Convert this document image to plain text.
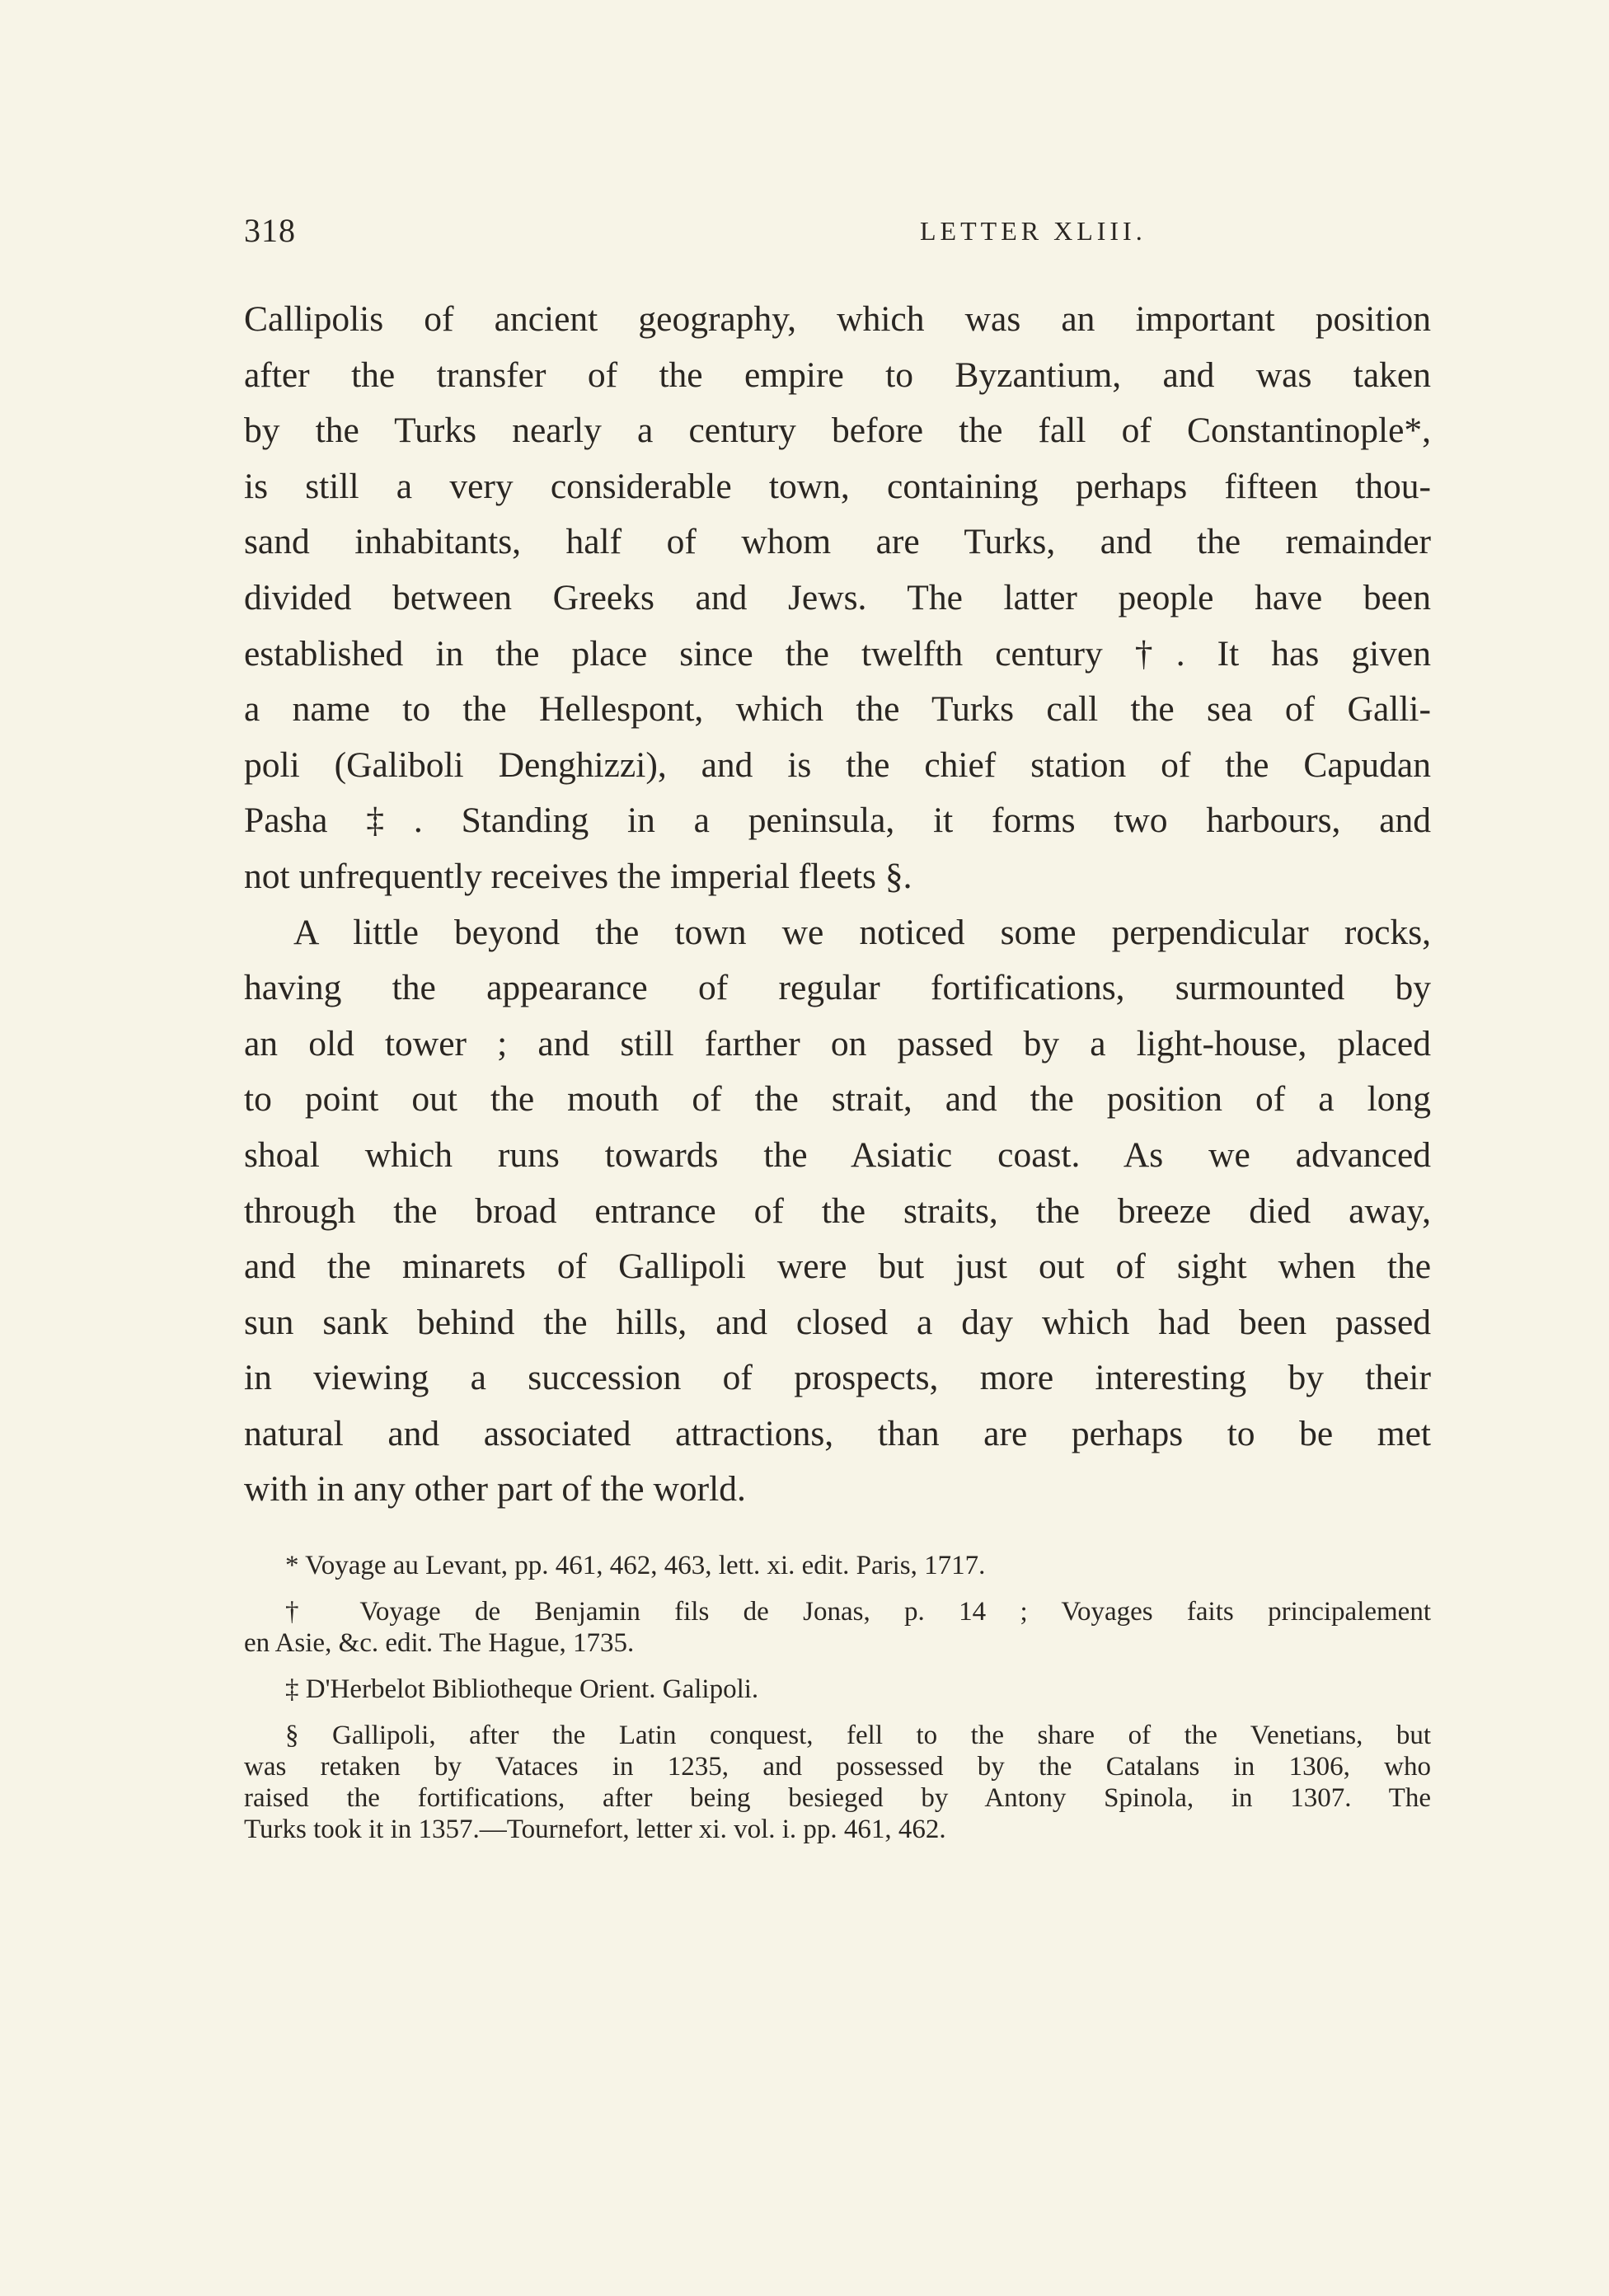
318	LETTER XLIII.
Callipolis of ancient geography, which was an important position
after the transfer of the empire to Byzantium, and was taken
by the Turks nearly a century before the fall of Constantinople*,
is still a very considerable town, containing perhaps fifteen thou-
sand inhabitants, half of whom are Turks, and the remainder
divided between Greeks and Jews. The latter people have been
established in the place since the twelfth century †. It has given
a name to the Hellespont, which the Turks call the sea of Galli-
poli (Galiboli Denghizzi), and is the chief station of the Capudan
Pasha ‡. Standing in a peninsula, it forms two harbours, and
not unfrequently receives the imperial fleets §.
A little beyond the town we noticed some perpendicular rocks,
having the appearance of regular fortifications, surmounted by
an old tower ; and still farther on passed by a light-house, placed
to point out the mouth of the strait, and the position of a long
shoal which runs towards the Asiatic coast. As we advanced
through the broad entrance of the straits, the breeze died away,
and the minarets of Gallipoli were but just out of sight when the
sun sank behind the hills, and closed a day which had been passed
in viewing a succession of prospects, more interesting by their
natural and associated attractions, than are perhaps to be met
with in any other part of the world.
* Voyage au Levant, pp. 461, 462, 463, lett. xi. edit. Paris, 1717.
† Voyage de Benjamin fils de Jonas, p. 14 ; Voyages faits principalement
en Asie, &c. edit. The Hague, 1735.
‡ D'Herbelot Bibliotheque Orient. Galipoli.
§ Gallipoli, after the Latin conquest, fell to the share of the Venetians, but
was retaken by Vataces in 1235, and possessed by the Catalans in 1306, who
raised the fortifications, after being besieged by Antony Spinola, in 1307. The
Turks took it in 1357.—Tournefort, letter xi. vol. i. pp. 461, 462.
